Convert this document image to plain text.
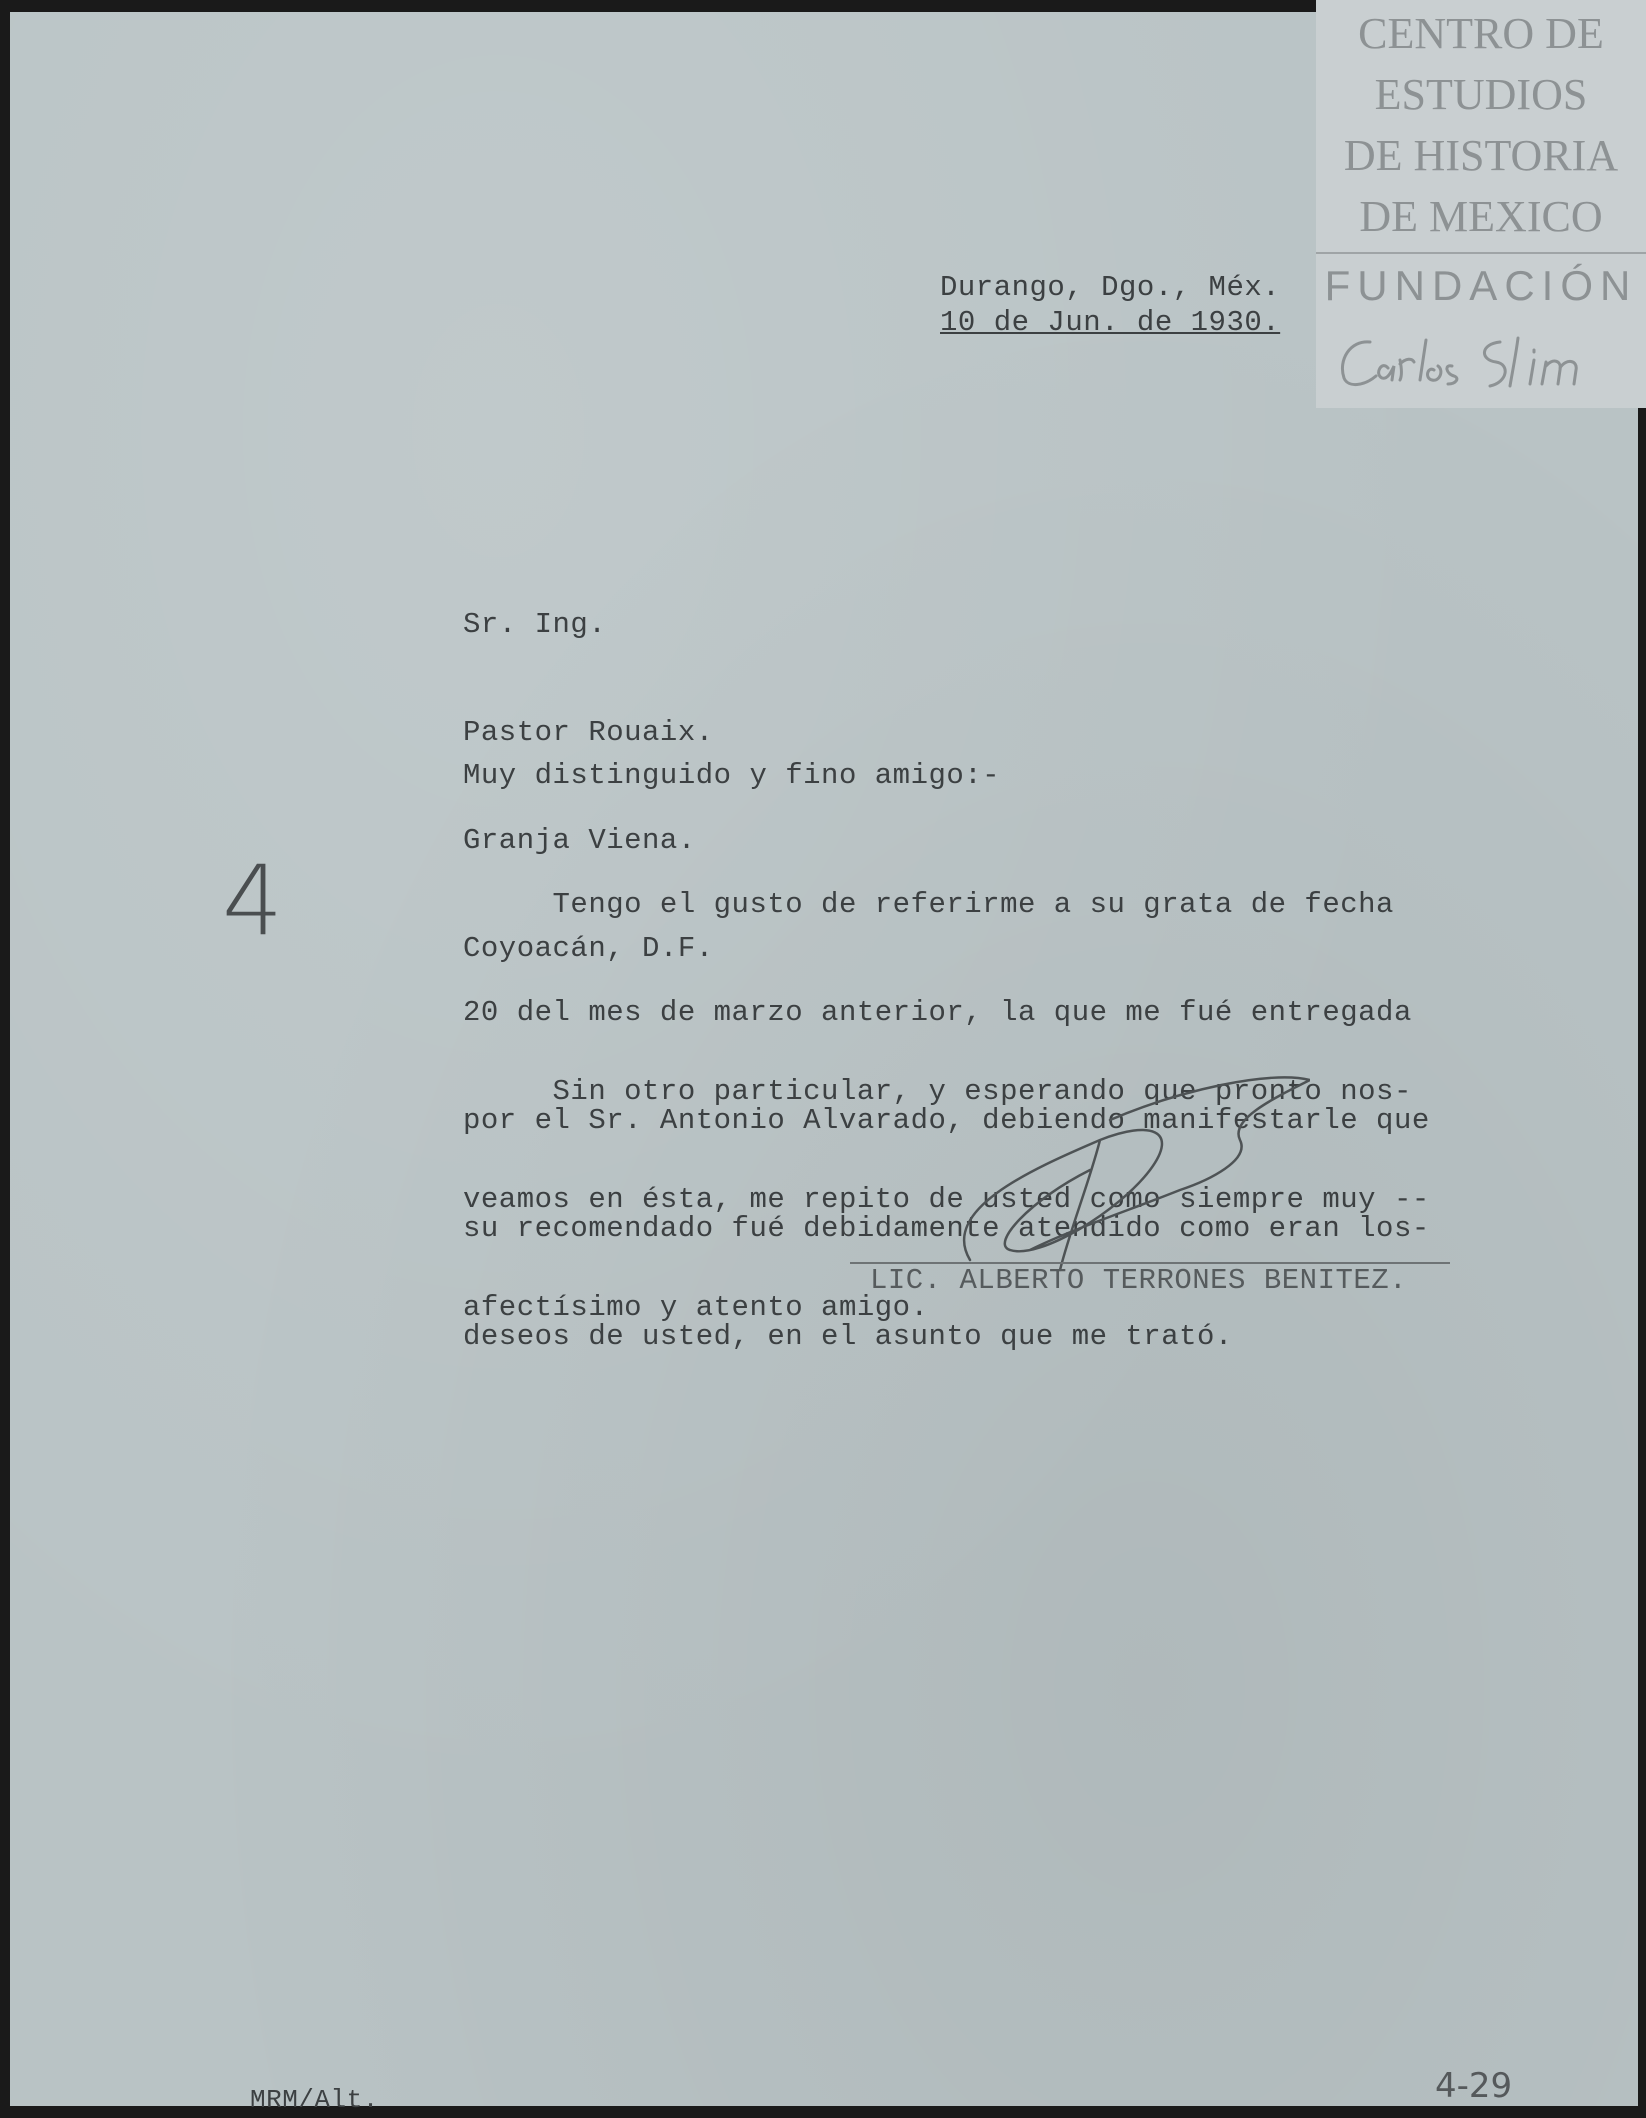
CENTRO DE
ESTUDIOS
DE HISTORIA
DE MEXICO
FUNDACIÓN
Durango, Dgo., Méx.
10 de Jun. de 1930.

Sr. Ing.

Pastor Rouaix.

Granja Viena.

Coyoacán, D.F.

Muy distinguido y fino amigo:-

Tengo el gusto de referirme a su grata de fecha

20 del mes de marzo anterior, la que me fué entregada

por el Sr. Antonio Alvarado, debiendo manifestarle que

su recomendado fué debidamente atendido como eran los-

deseos de usted, en el asunto que me trató.

Sin otro particular, y esperando que pronto nos-

veamos en ésta, me repito de usted como siempre muy --

afectísimo y atento amigo.

LIC. ALBERTO TERRONES BENITEZ.
MRM/Alt.
4
4-29
